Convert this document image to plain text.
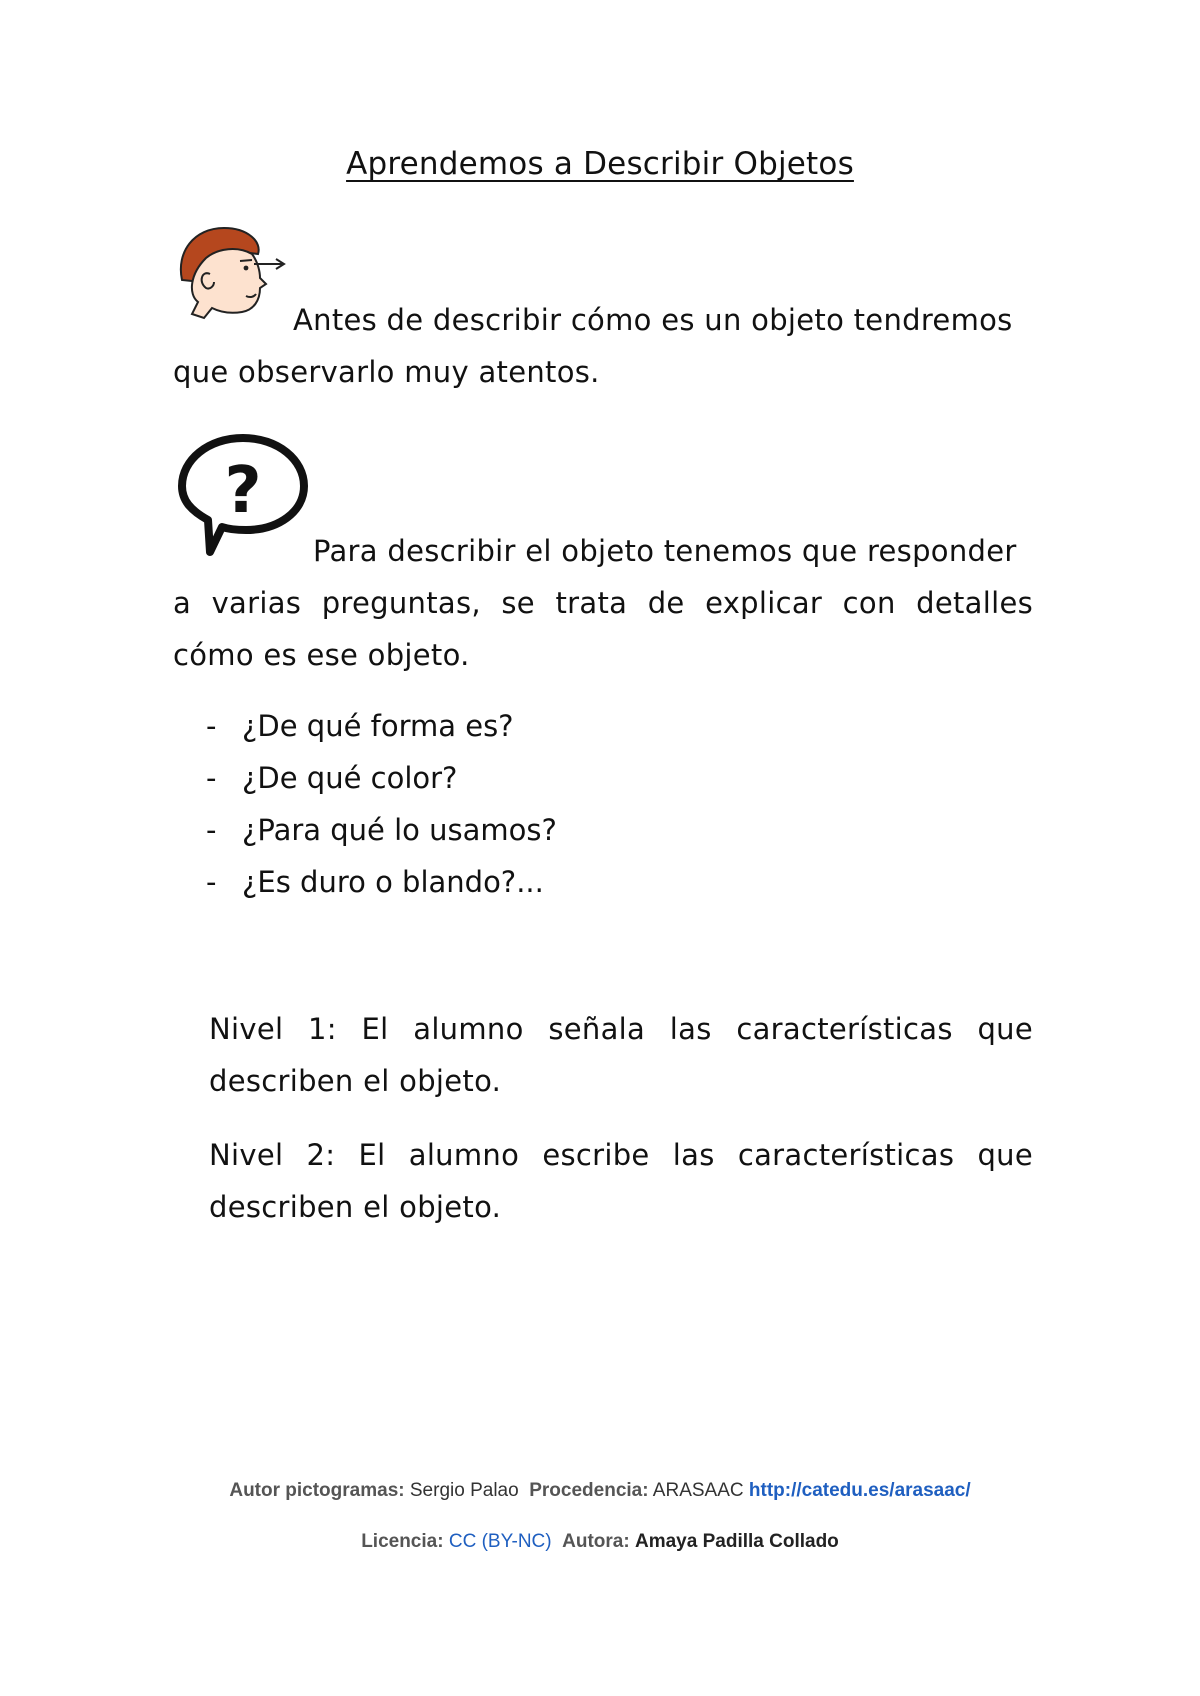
Aprendemos a Describir Objetos
Antes de describir cómo es un objeto tendremos
que observarlo muy atentos.
?
Para describir el objeto tenemos que responder
a varias preguntas, se trata de explicar con detalles
cómo es ese objeto.
- ¿De qué forma es?
- ¿De qué color?
- ¿Para qué lo usamos?
- ¿Es duro o blando?...
Nivel 1: El alumno señala las características que
describen el objeto.
Nivel 2: El alumno escribe las características que
describen el objeto.
Autor pictogramas: Sergio Palao Procedencia: ARASAAC http://catedu.es/arasaac/
Licencia: CC (BY-NC) Autora: Amaya Padilla Collado
